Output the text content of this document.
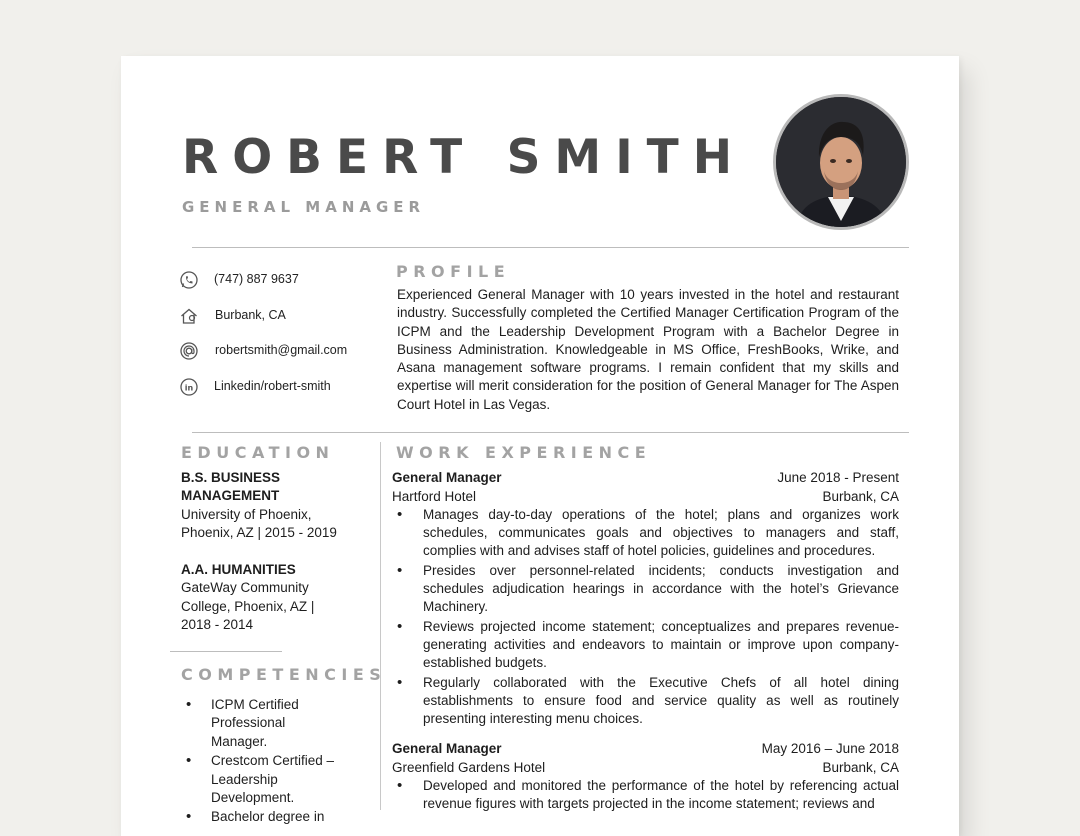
ROBERT SMITH
GENERAL MANAGER
(747) 887 9637
Burbank, CA
robertsmith@gmail.com
in Linkedin/robert-smith
PROFILE
Experienced General Manager with 10 years invested in the hotel and restaurant industry. Successfully completed the Certified Manager Certification Program of the ICPM and the Leadership Development Program with a Bachelor Degree in Business Administration. Knowledgeable in MS Office, FreshBooks, Wrike, and Asana management software programs. I remain confident that my skills and expertise will merit consideration for the position of General Manager for The Aspen Court Hotel in Las Vegas.
EDUCATION
B.S. BUSINESS MANAGEMENT
University of Phoenix, Phoenix, AZ | 2015 - 2019
A.A. HUMANITIES
GateWay Community College, Phoenix, AZ | 2018 - 2014
COMPETENCIES
• ICPM Certified Professional Manager.
• Crestcom Certified – Leadership Development.
• Bachelor degree in
WORK EXPERIENCE
General Manager	June 2018 - Present
Hartford Hotel	Burbank, CA
• Manages day-to-day operations of the hotel; plans and organizes work schedules, communicates goals and objectives to managers and staff, complies with and advises staff of hotel policies, guidelines and procedures.
• Presides over personnel-related incidents; conducts investigation and schedules adjudication hearings in accordance with the hotel’s Grievance Machinery.
• Reviews projected income statement; conceptualizes and prepares revenue-generating activities and endeavors to maintain or improve upon company-established budgets.
• Regularly collaborated with the Executive Chefs of all hotel dining establishments to ensure food and service quality as well as routinely presenting interesting menu choices.
General Manager	May 2016 – June 2018
Greenfield Gardens Hotel	Burbank, CA
• Developed and monitored the performance of the hotel by referencing actual revenue figures with targets projected in the income statement; reviews and
